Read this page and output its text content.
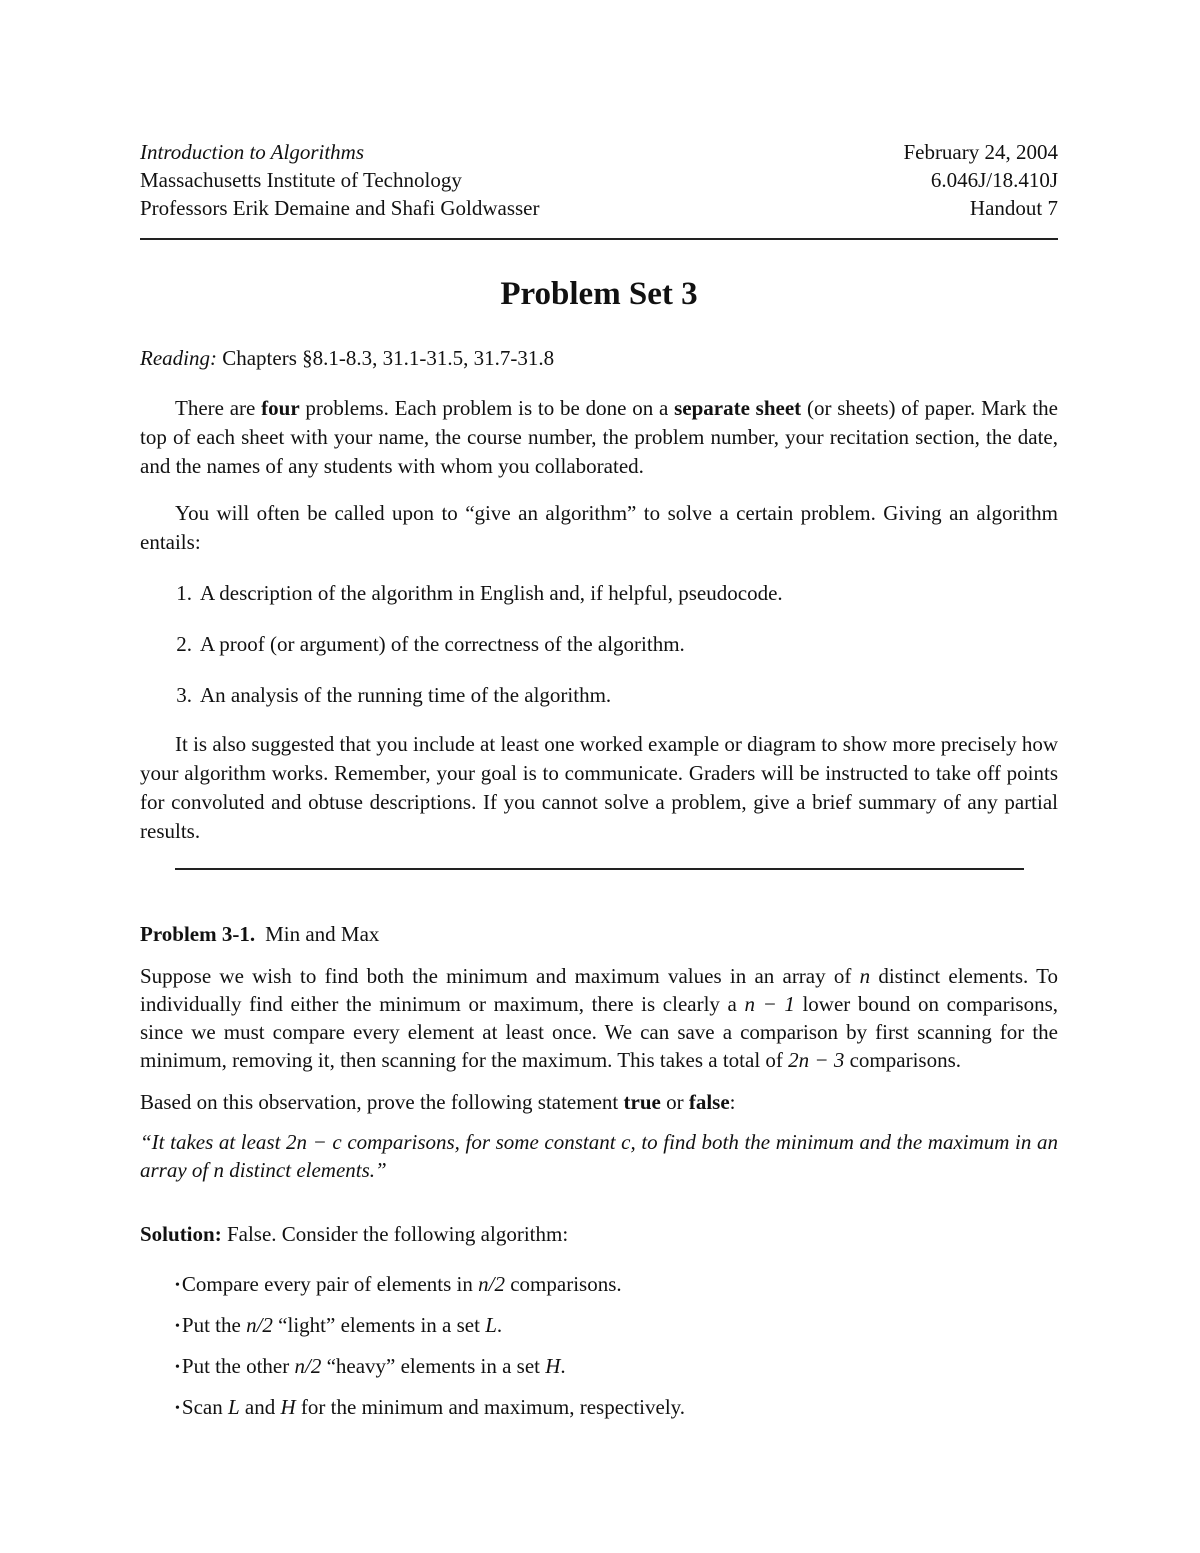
Introduction to Algorithms	February 24, 2004
Massachusetts Institute of Technology	6.046J/18.410J
Professors Erik Demaine and Shafi Goldwasser	Handout 7
Problem Set 3
Reading: Chapters §8.1-8.3, 31.1-31.5, 31.7-31.8
There are four problems. Each problem is to be done on a separate sheet (or sheets) of paper. Mark the top of each sheet with your name, the course number, the problem number, your recitation section, the date, and the names of any students with whom you collaborated.
You will often be called upon to “give an algorithm” to solve a certain problem. Giving an algorithm entails:
1. A description of the algorithm in English and, if helpful, pseudocode.
2. A proof (or argument) of the correctness of the algorithm.
3. An analysis of the running time of the algorithm.
It is also suggested that you include at least one worked example or diagram to show more precisely how your algorithm works. Remember, your goal is to communicate. Graders will be instructed to take off points for convoluted and obtuse descriptions. If you cannot solve a problem, give a brief summary of any partial results.
Problem 3-1. Min and Max
Suppose we wish to find both the minimum and maximum values in an array of n distinct elements. To individually find either the minimum or maximum, there is clearly a n − 1 lower bound on comparisons, since we must compare every element at least once. We can save a comparison by first scanning for the minimum, removing it, then scanning for the maximum. This takes a total of 2n − 3 comparisons.
Based on this observation, prove the following statement true or false:
“It takes at least 2n − c comparisons, for some constant c, to find both the minimum and the maximum in an array of n distinct elements.”
Solution: False. Consider the following algorithm:
•Compare every pair of elements in n/2 comparisons.
•Put the n/2 “light” elements in a set L.
•Put the other n/2 “heavy” elements in a set H.
•Scan L and H for the minimum and maximum, respectively.
